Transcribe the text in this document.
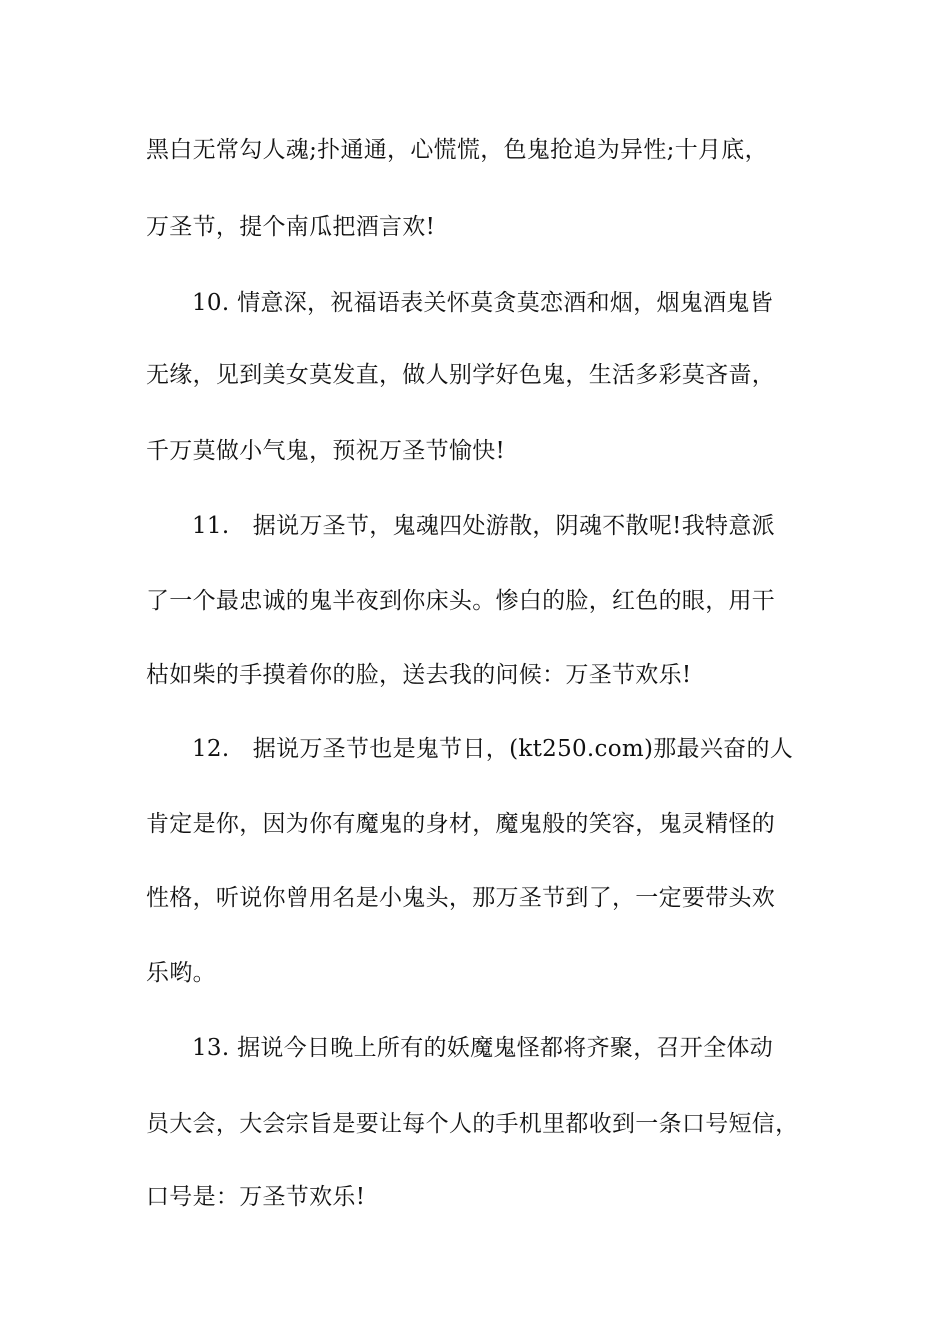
黑白无常勾人魂;扑通通，心慌慌，色鬼抢追为异性;十月底，
万圣节，提个南瓜把酒言欢!
10. 情意深，祝福语表关怀莫贪莫恋酒和烟，烟鬼酒鬼皆
无缘，见到美女莫发直，做人别学好色鬼，生活多彩莫吝啬，
千万莫做小气鬼，预祝万圣节愉快!
11.　据说万圣节，鬼魂四处游散，阴魂不散呢!我特意派
了一个最忠诚的鬼半夜到你床头。惨白的脸，红色的眼，用干
枯如柴的手摸着你的脸，送去我的问候：万圣节欢乐!
12.　据说万圣节也是鬼节日，(kt250.com)那最兴奋的人
肯定是你，因为你有魔鬼的身材，魔鬼般的笑容，鬼灵精怪的
性格，听说你曾用名是小鬼头，那万圣节到了，一定要带头欢
乐哟。
13. 据说今日晚上所有的妖魔鬼怪都将齐聚，召开全体动
员大会，大会宗旨是要让每个人的手机里都收到一条口号短信，
口号是：万圣节欢乐!
